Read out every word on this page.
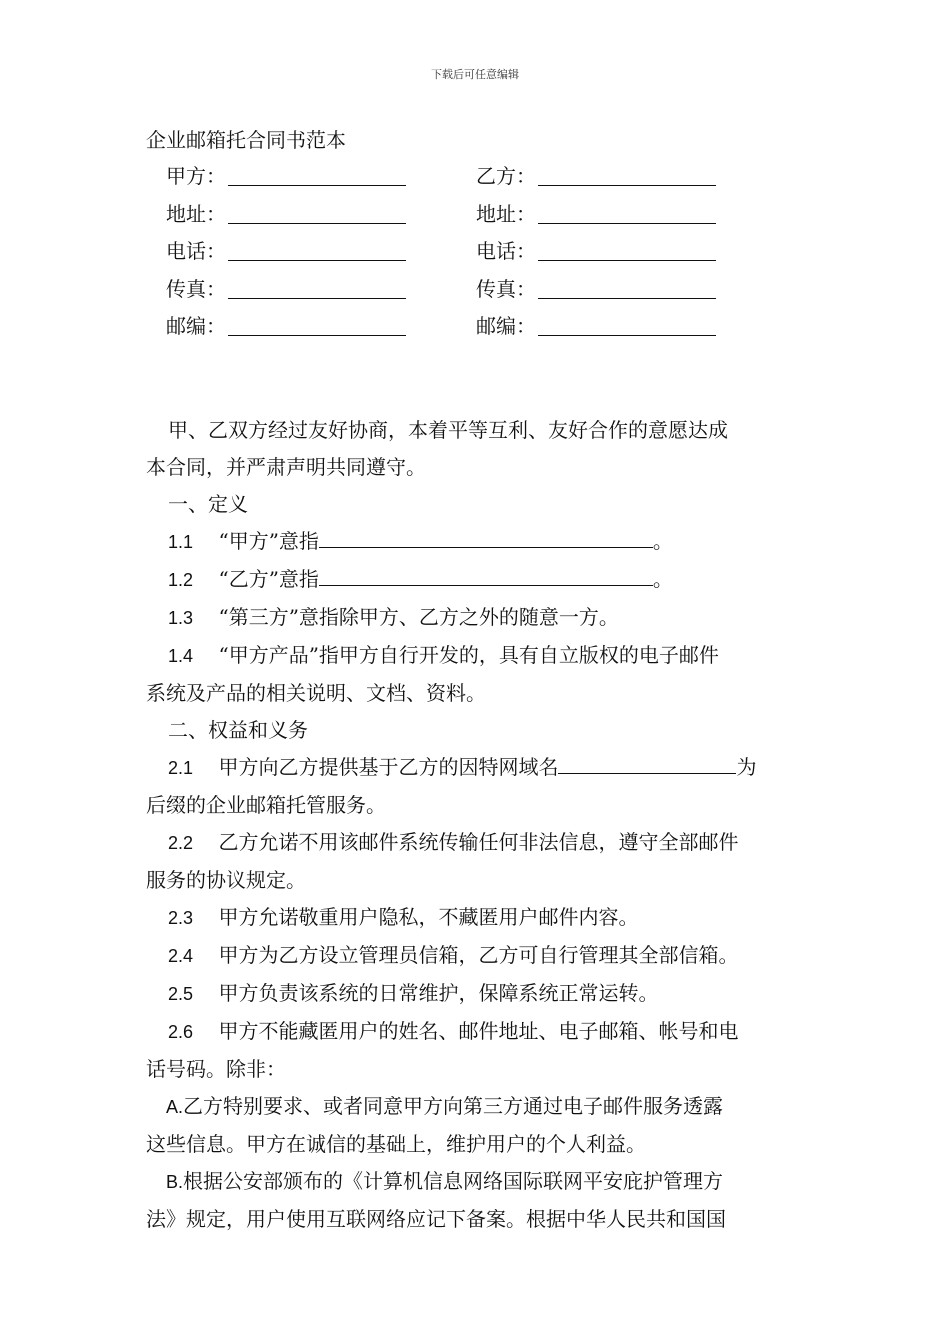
下载后可任意编辑
企业邮箱托合同书范本
甲方：	乙方：
地址：	地址：
电话：	电话：
传真：	传真：
邮编：	邮编：

甲、乙双方经过友好协商，本着平等互利、友好合作的意愿达成

本合同，并严肃声明共同遵守。

一、定义

1.1 “甲方”意指	。

1.2 “乙方”意指	。

1.3 “第三方”意指除甲方、乙方之外的随意一方。

1.4 “甲方产品”指甲方自行开发的，具有自立版权的电子邮件

系统及产品的相关说明、文档、资料。

二、权益和义务

2.1 甲方向乙方提供基于乙方的因特网域名	为

后缀的企业邮箱托管服务。

2.2 乙方允诺不用该邮件系统传输任何非法信息，遵守全部邮件

服务的协议规定。

2.3 甲方允诺敬重用户隐私，不藏匿用户邮件内容。

2.4 甲方为乙方设立管理员信箱，乙方可自行管理其全部信箱。

2.5 甲方负责该系统的日常维护，保障系统正常运转。

2.6 甲方不能藏匿用户的姓名、邮件地址、电子邮箱、帐号和电

话号码。除非：

A.乙方特别要求、或者同意甲方向第三方通过电子邮件服务透露

这些信息。甲方在诚信的基础上，维护用户的个人利益。

B.根据公安部颁布的《计算机信息网络国际联网平安庇护管理方

法》规定，用户使用互联网络应记下备案。根据中华人民共和国国
